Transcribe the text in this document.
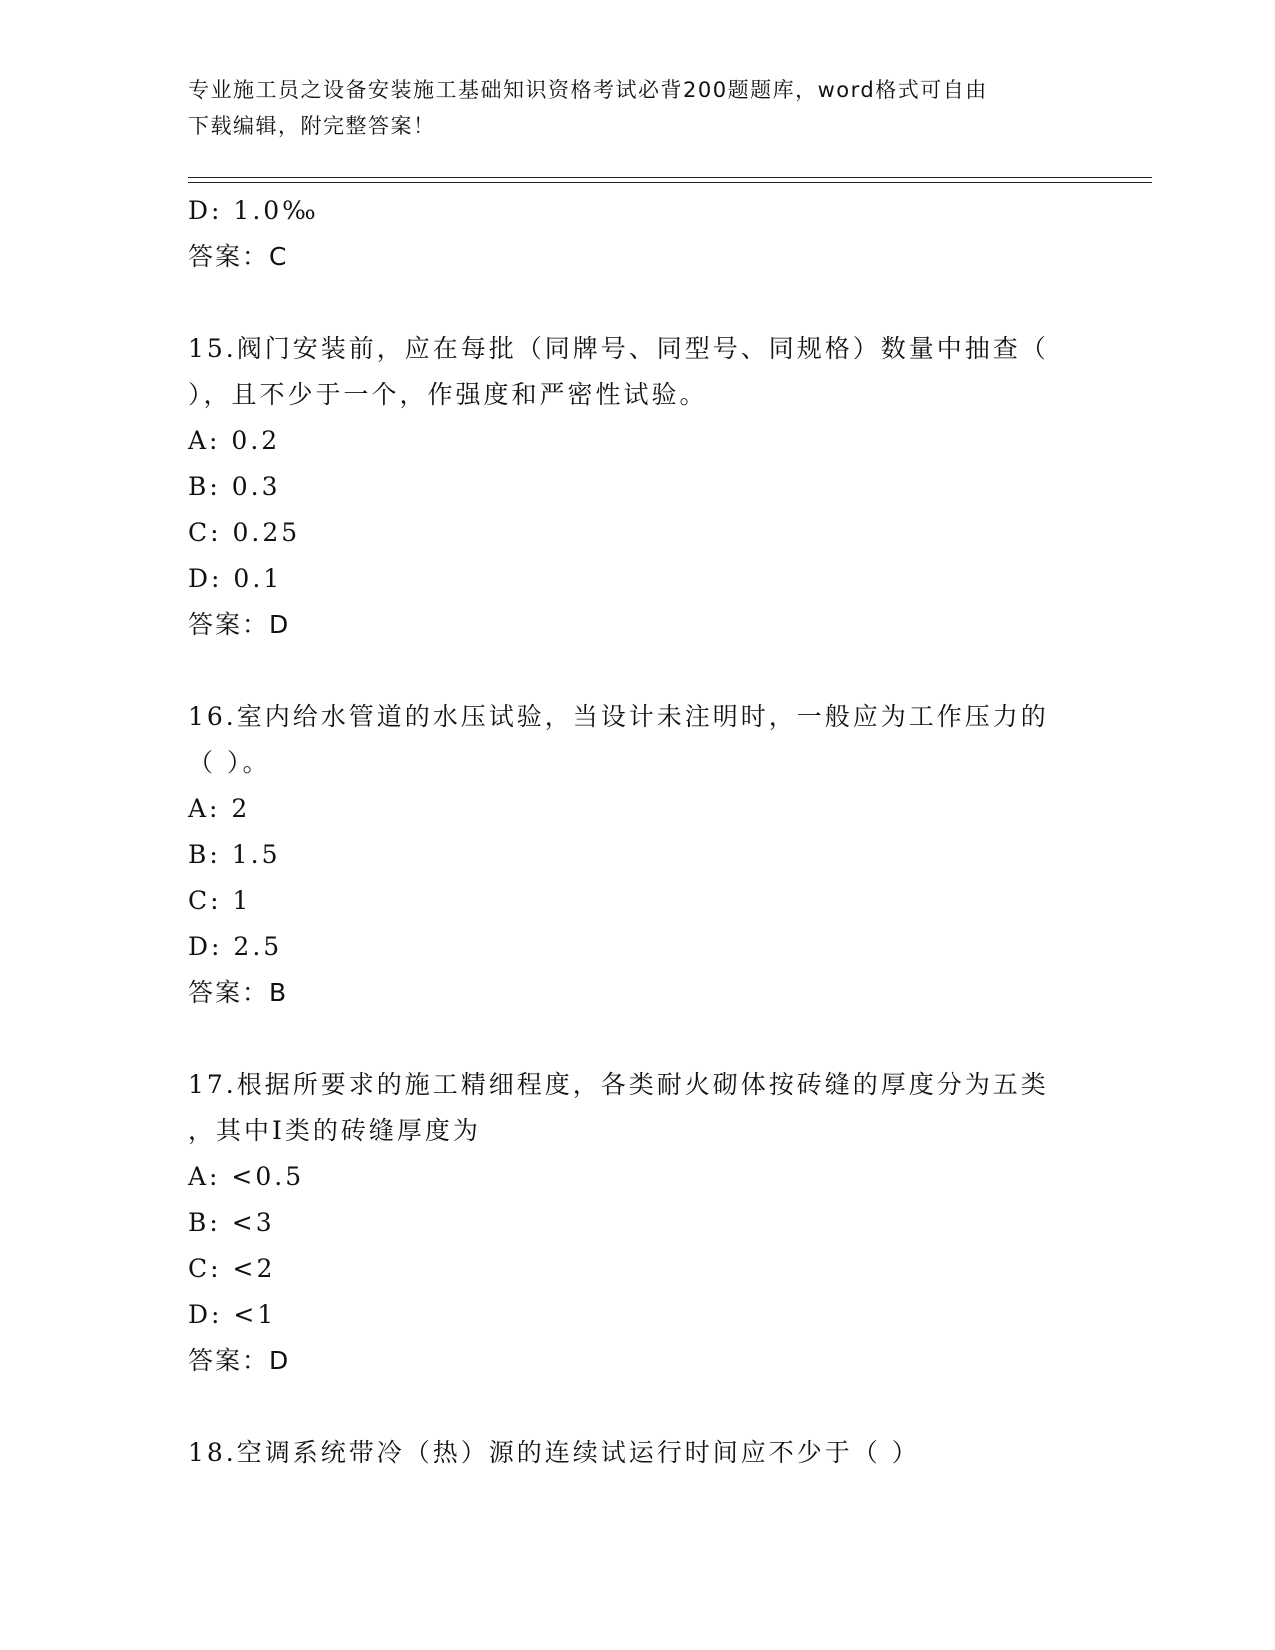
专业施工员之设备安装施工基础知识资格考试必背200题题库，word格式可自由
下载编辑，附完整答案！
D: 1.0‰
答案：C
15.阀门安装前，应在每批（同牌号、同型号、同规格）数量中抽查（
），且不少于一个，作强度和严密性试验。
A: 0.2
B: 0.3
C: 0.25
D: 0.1
答案：D
16.室内给水管道的水压试验，当设计未注明时，一般应为工作压力的
（ ）。
A: 2
B: 1.5
C: 1
D: 2.5
答案：B
17.根据所要求的施工精细程度，各类耐火砌体按砖缝的厚度分为五类
，其中Ⅰ类的砖缝厚度为
A: <0.5
B: <3
C: <2
D: <1
答案：D
18.空调系统带冷（热）源的连续试运行时间应不少于（ ）
